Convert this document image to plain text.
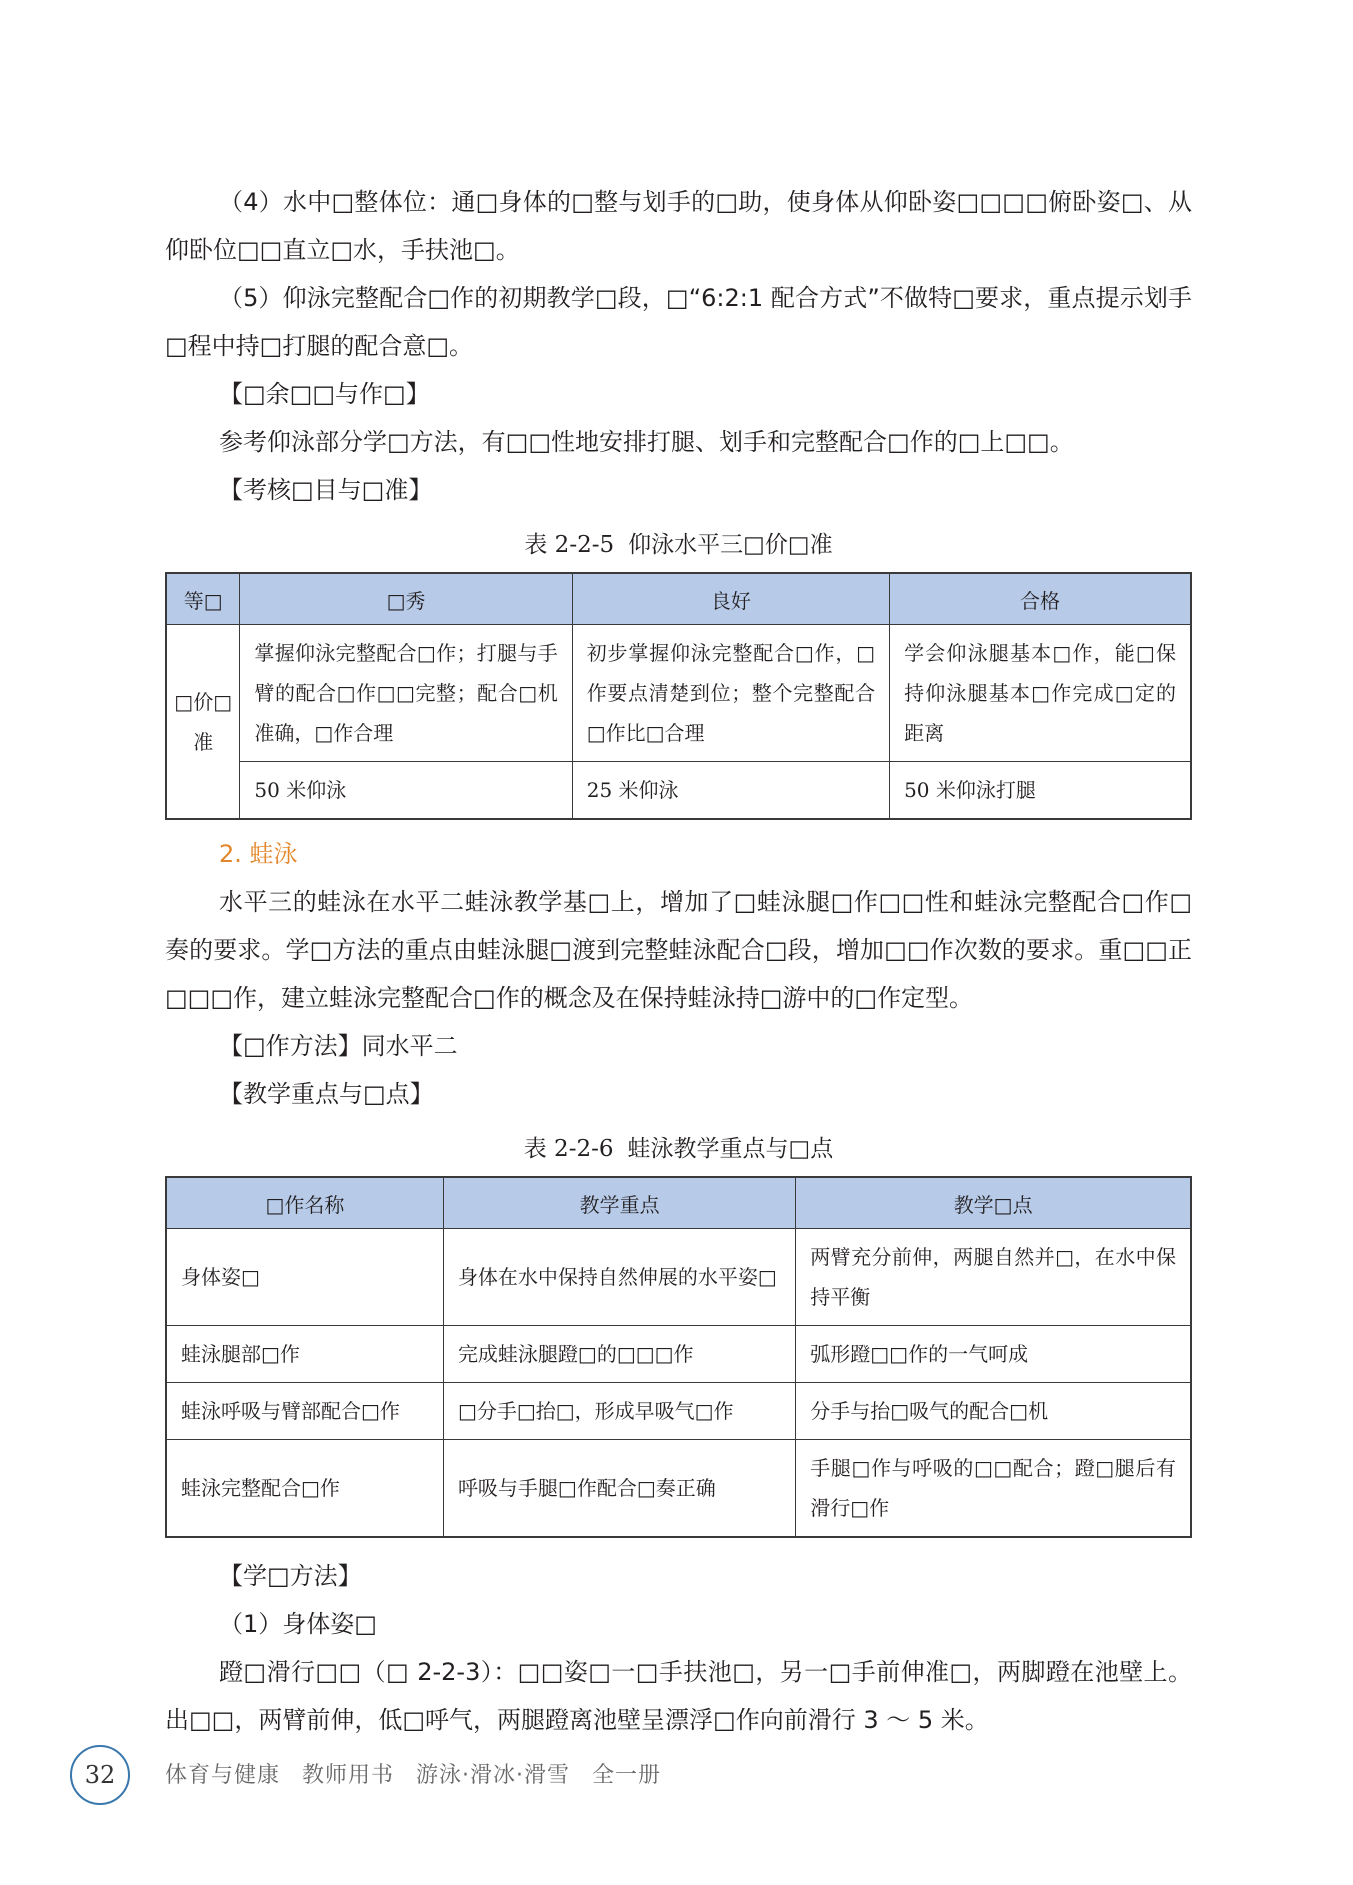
（4）水中□整体位：通□身体的□整与划手的□助，使身体从仰卧姿□□□□俯卧姿□、从仰卧位□□直立□水，手扶池□。

（5）仰泳完整配合□作的初期教学□段，□“6:2:1 配合方式”不做特□要求，重点提示划手□程中持□打腿的配合意□。

【□余□□与作□】

参考仰泳部分学□方法，有□□性地安排打腿、划手和完整配合□作的□上□□。

【考核□目与□准】

表 2-2-5 仰泳水平三□价□准
等□	□秀	良好	合格
□价□准	掌握仰泳完整配合□作；打腿与手臂的配合□作□□完整；配合□机准确，□作合理	初步掌握仰泳完整配合□作，□作要点清楚到位；整个完整配合□作比□合理	学会仰泳腿基本□作，能□保持仰泳腿基本□作完成□定的距离
	50 米仰泳	25 米仰泳	50 米仰泳打腿

2. 蛙泳

水平三的蛙泳在水平二蛙泳教学基□上，增加了□蛙泳腿□作□□性和蛙泳完整配合□作□奏的要求。学□方法的重点由蛙泳腿□渡到完整蛙泳配合□段，增加□□作次数的要求。重□□正□□□作，建立蛙泳完整配合□作的概念及在保持蛙泳持□游中的□作定型。

【□作方法】同水平二

【教学重点与□点】

表 2-2-6 蛙泳教学重点与□点
□作名称	教学重点	教学□点
身体姿□	身体在水中保持自然伸展的水平姿□	两臂充分前伸，两腿自然并□，在水中保持平衡
蛙泳腿部□作	完成蛙泳腿蹬□的□□□作	弧形蹬□□作的一气呵成
蛙泳呼吸与臂部配合□作	□分手□抬□，形成早吸气□作	分手与抬□吸气的配合□机
蛙泳完整配合□作	呼吸与手腿□作配合□奏正确	手腿□作与呼吸的□□配合；蹬□腿后有滑行□作

【学□方法】

（1）身体姿□

蹬□滑行□□（□ 2-2-3）：□□姿□一□手扶池□，另一□手前伸准□，两脚蹬在池壁上。出□□，两臂前伸，低□呼气，两腿蹬离池壁呈漂浮□作向前滑行 3 ～ 5 米。

32	体育与健康 教师用书 游泳·滑冰·滑雪 全一册
